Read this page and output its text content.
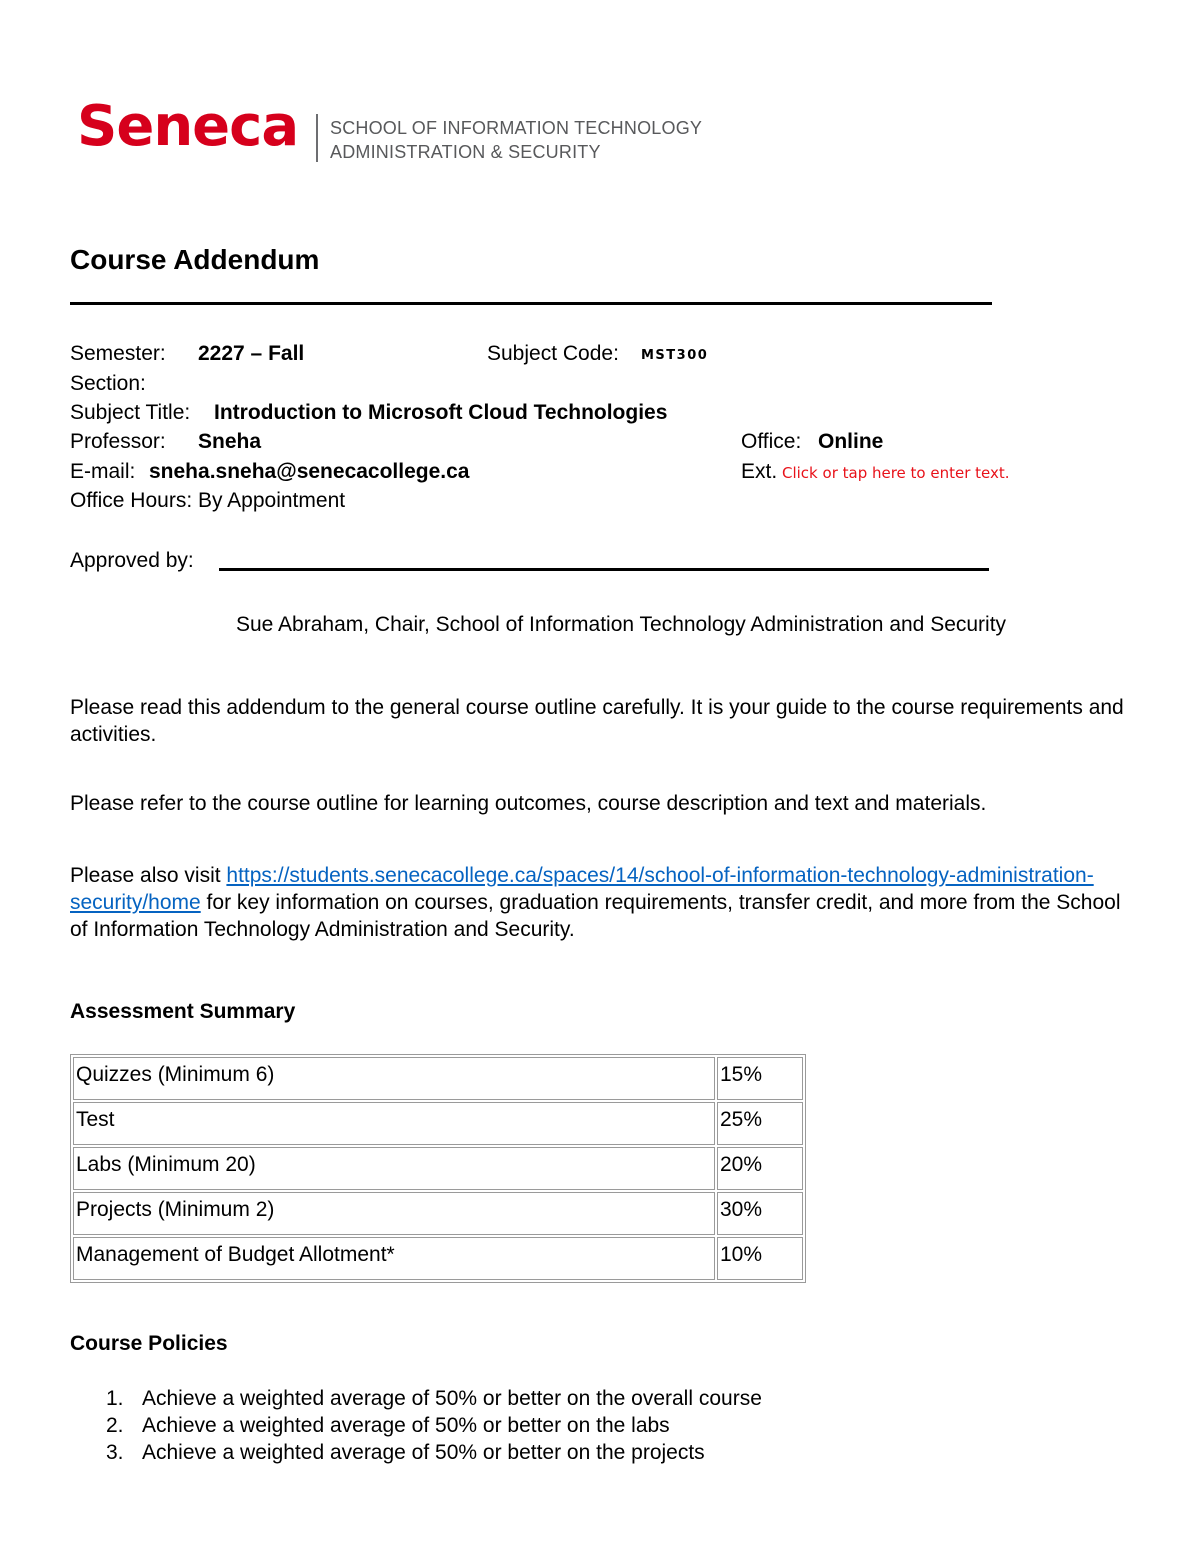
Seneca SCHOOL OF INFORMATION TECHNOLOGY
ADMINISTRATION & SECURITY
Course Addendum
Semester: 2227 – Fall	Subject Code: MST300
Section:
Subject Title: Introduction to Microsoft Cloud Technologies
Professor: Sneha	Office: Online
E-mail: sneha.sneha@senecacollege.ca	Ext. Click or tap here to enter text.
Office Hours: By Appointment
Approved by:
Sue Abraham, Chair, School of Information Technology Administration and Security
Please read this addendum to the general course outline carefully. It is your guide to the course requirements and activities.
Please refer to the course outline for learning outcomes, course description and text and materials.
Please also visit https://students.senecacollege.ca/spaces/14/school-of-information-technology-administration-security/home for key information on courses, graduation requirements, transfer credit, and more from the School of Information Technology Administration and Security.
Assessment Summary
Quizzes (Minimum 6)	15%
Test	25%
Labs (Minimum 20)	20%
Projects (Minimum 2)	30%
Management of Budget Allotment*	10%
Course Policies
1. Achieve a weighted average of 50% or better on the overall course
2. Achieve a weighted average of 50% or better on the labs
3. Achieve a weighted average of 50% or better on the projects
